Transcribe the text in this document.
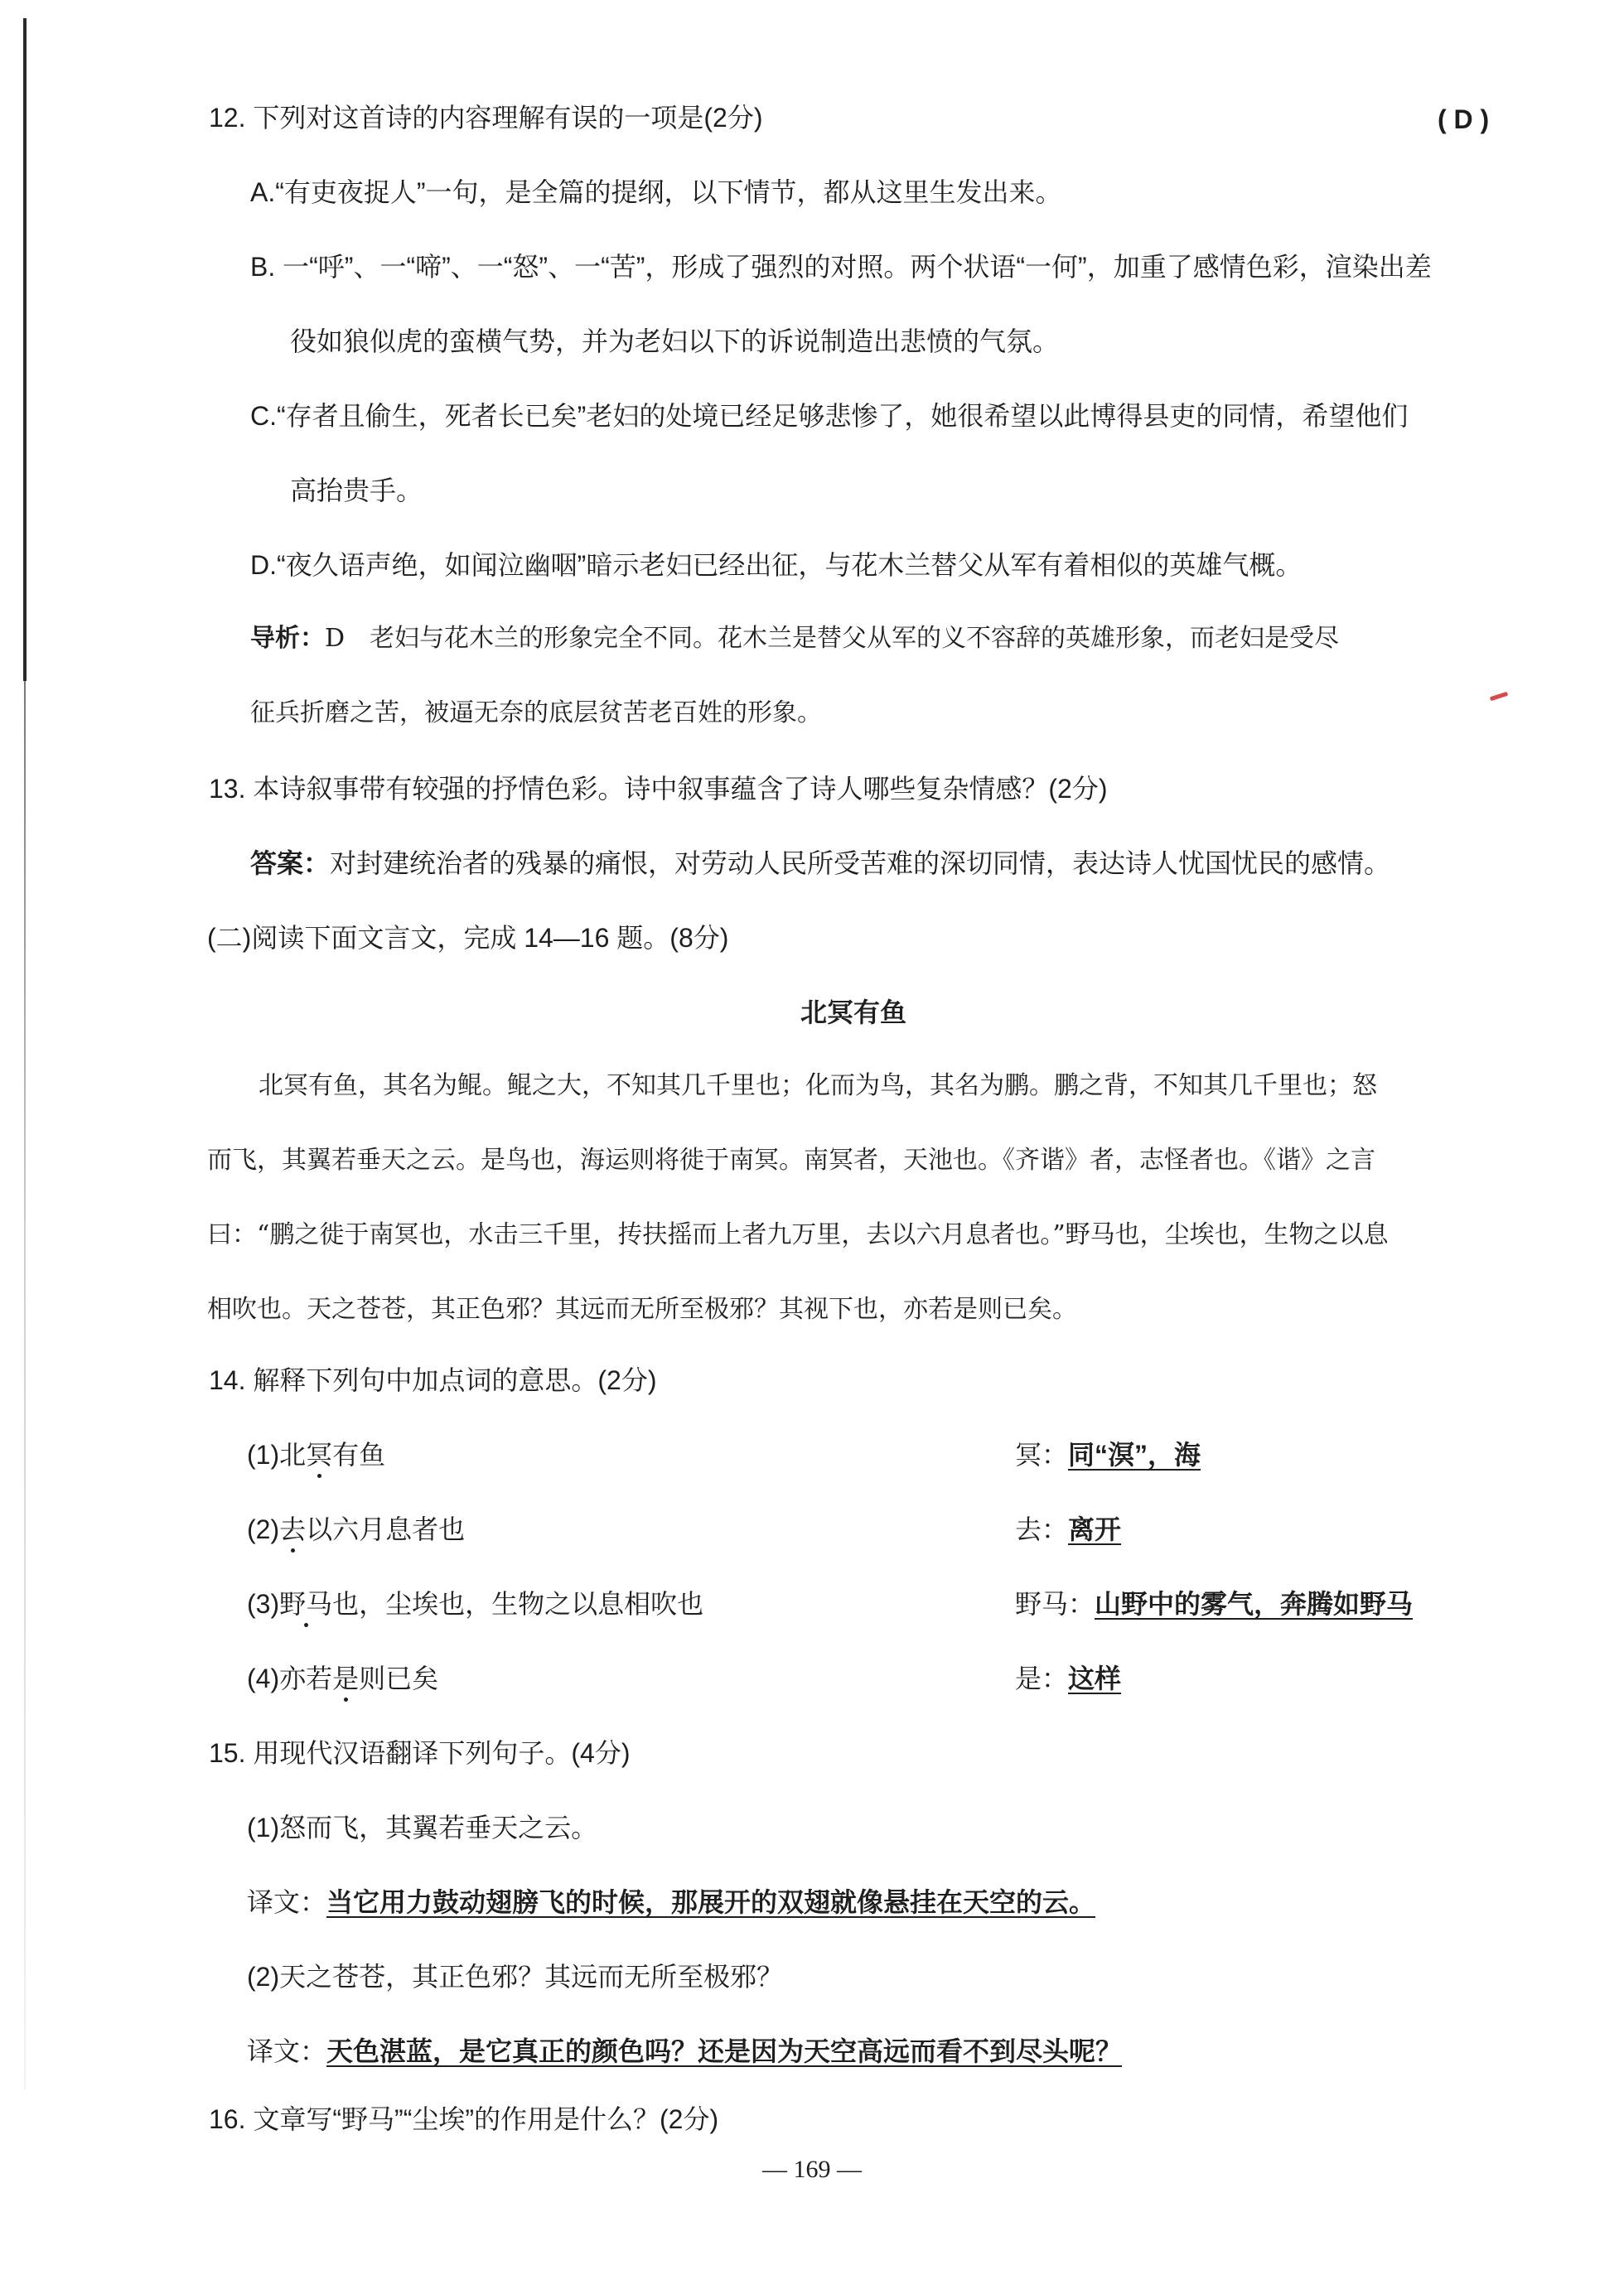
12. 下列对这首诗的内容理解有误的一项是(2分)	( D )
A.“有吏夜捉人”一句，是全篇的提纲，以下情节，都从这里生发出来。
B. 一“呼”、一“啼”、一“怒”、一“苦”，形成了强烈的对照。两个状语“一何”，加重了感情色彩，渲染出差
役如狼似虎的蛮横气势，并为老妇以下的诉说制造出悲愤的气氛。
C.“存者且偷生，死者长已矣”老妇的处境已经足够悲惨了，她很希望以此博得县吏的同情，希望他们
高抬贵手。
D.“夜久语声绝，如闻泣幽咽”暗示老妇已经出征，与花木兰替父从军有着相似的英雄气概。
导析：D　老妇与花木兰的形象完全不同。花木兰是替父从军的义不容辞的英雄形象，而老妇是受尽
征兵折磨之苦，被逼无奈的底层贫苦老百姓的形象。
13. 本诗叙事带有较强的抒情色彩。诗中叙事蕴含了诗人哪些复杂情感？(2分)
答案：对封建统治者的残暴的痛恨，对劳动人民所受苦难的深切同情，表达诗人忧国忧民的感情。
(二)阅读下面文言文，完成 14—16 题。(8分)
北冥有鱼
北冥有鱼，其名为鲲。鲲之大，不知其几千里也；化而为鸟，其名为鹏。鹏之背，不知其几千里也；怒
而飞，其翼若垂天之云。是鸟也，海运则将徙于南冥。南冥者，天池也。《齐谐》者，志怪者也。《谐》之言
曰：“鹏之徙于南冥也，水击三千里，抟扶摇而上者九万里，去以六月息者也。”野马也，尘埃也，生物之以息
相吹也。天之苍苍，其正色邪？其远而无所至极邪？其视下也，亦若是则已矣。
14. 解释下列句中加点词的意思。(2分)
(1)北冥有鱼	冥：同“溟”，海
(2)去以六月息者也	去：离开
(3)野马也，尘埃也，生物之以息相吹也	野马：山野中的雾气，奔腾如野马
(4)亦若是则已矣	是：这样
15. 用现代汉语翻译下列句子。(4分)
(1)怒而飞，其翼若垂天之云。
译文：当它用力鼓动翅膀飞的时候，那展开的双翅就像悬挂在天空的云。
(2)天之苍苍，其正色邪？其远而无所至极邪？
译文：天色湛蓝，是它真正的颜色吗？还是因为天空高远而看不到尽头呢？
16. 文章写“野马”“尘埃”的作用是什么？(2分)
— 169 —
